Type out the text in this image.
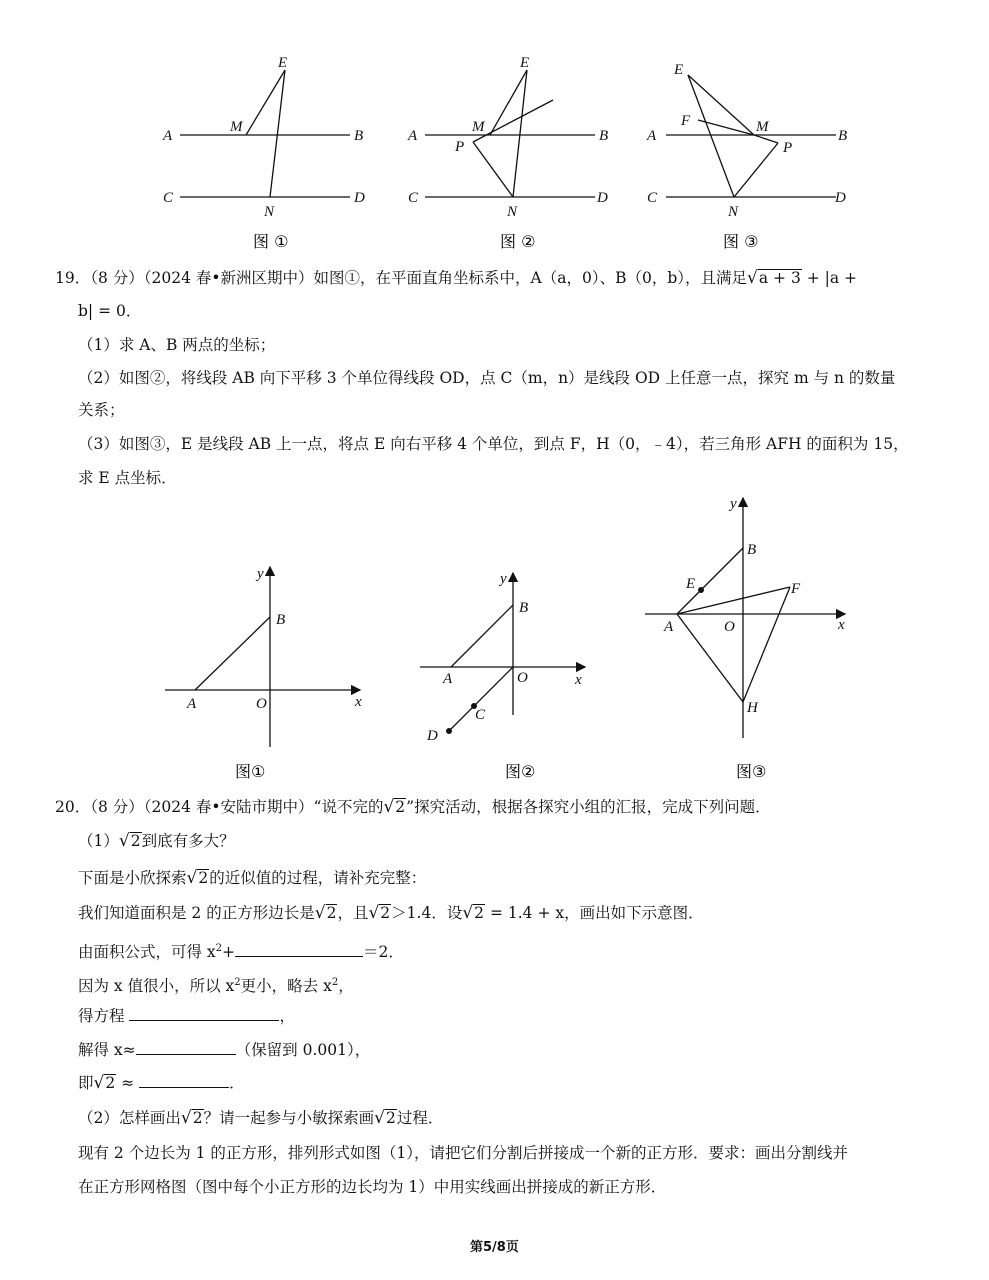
E
M
A	B
C	D
N
图 ①
E
M
P
A	B
C	D
N
图 ②
E
F	M
P
A	B
C	D
N
图 ③
19．（8 分）（2024 春•新洲区期中）如图①，在平面直角坐标系中，A（a，0）、B（0，b），且满足√a + 3 + |a +
b| = 0．
（1）求 A、B 两点的坐标；
（2）如图②，将线段 AB 向下平移 3 个单位得线段 OD，点 C（m，n）是线段 OD 上任意一点，探究 m 与 n 的数量
关系；
（3）如图③，E 是线段 AB 上一点，将点 E 向右平移 4 个单位，到点 F，H（0，﹣4），若三角形 AFH 的面积为 15，
求 E 点坐标．
y
B
A	O	x
图①
y
B
A	O	x
C
D
图②
y
B
E	F
A	O	x
H
图③
20．（8 分）（2024 春•安陆市期中）“说不完的√2”探究活动，根据各探究小组的汇报，完成下列问题．
（1）√2到底有多大？
下面是小欣探索√2的近似值的过程，请补充完整：
我们知道面积是 2 的正方形边长是√2，且√2＞1.4．设√2 = 1.4 + x，画出如下示意图．
由面积公式，可得 $x^2+$	＝2．
因为 x 值很小，所以 $x^2$更小，略去 $x^2$，
得方程	，
解得 x≈	（保留到 0.001），
即√2 ≈	．
（2）怎样画出√2？请一起参与小敏探索画√2过程．
现有 2 个边长为 1 的正方形，排列形式如图（1），请把它们分割后拼接成一个新的正方形．要求：画出分割线并
在正方形网格图（图中每个小正方形的边长均为 1）中用实线画出拼接成的新正方形．
第5/8页
